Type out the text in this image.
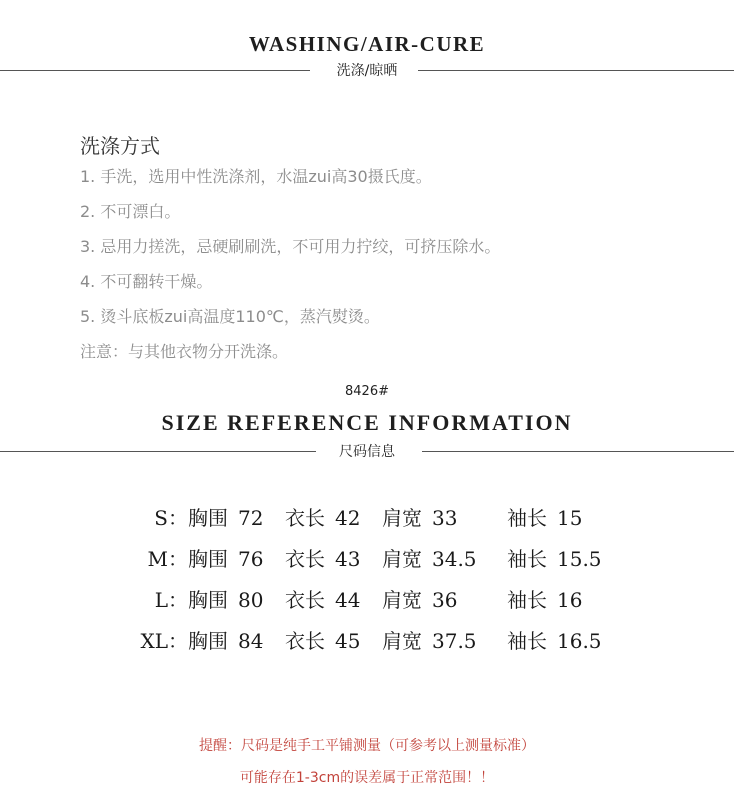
WASHING/AIR-CURE
洗涤/晾晒
洗涤方式
1. 手洗，选用中性洗涤剂，水温zui高30摄氏度。
2. 不可漂白。
3. 忌用力搓洗，忌硬刷刷洗，不可用力拧绞，可挤压除水。
4. 不可翻转干燥。
5. 烫斗底板zui高温度110℃，蒸汽熨烫。
注意：与其他衣物分开洗涤。
8426#
SIZE REFERENCE INFORMATION
尺码信息
S：胸围 72 衣长 42 肩宽 33 袖长 15
M：胸围 76 衣长 43 肩宽 34.5 袖长 15.5
L：胸围 80 衣长 44 肩宽 36 袖长 16
XL：胸围 84 衣长 45 肩宽 37.5 袖长 16.5
提醒：尺码是纯手工平铺测量（可参考以上测量标准）
可能存在1-3cm的误差属于正常范围！！
